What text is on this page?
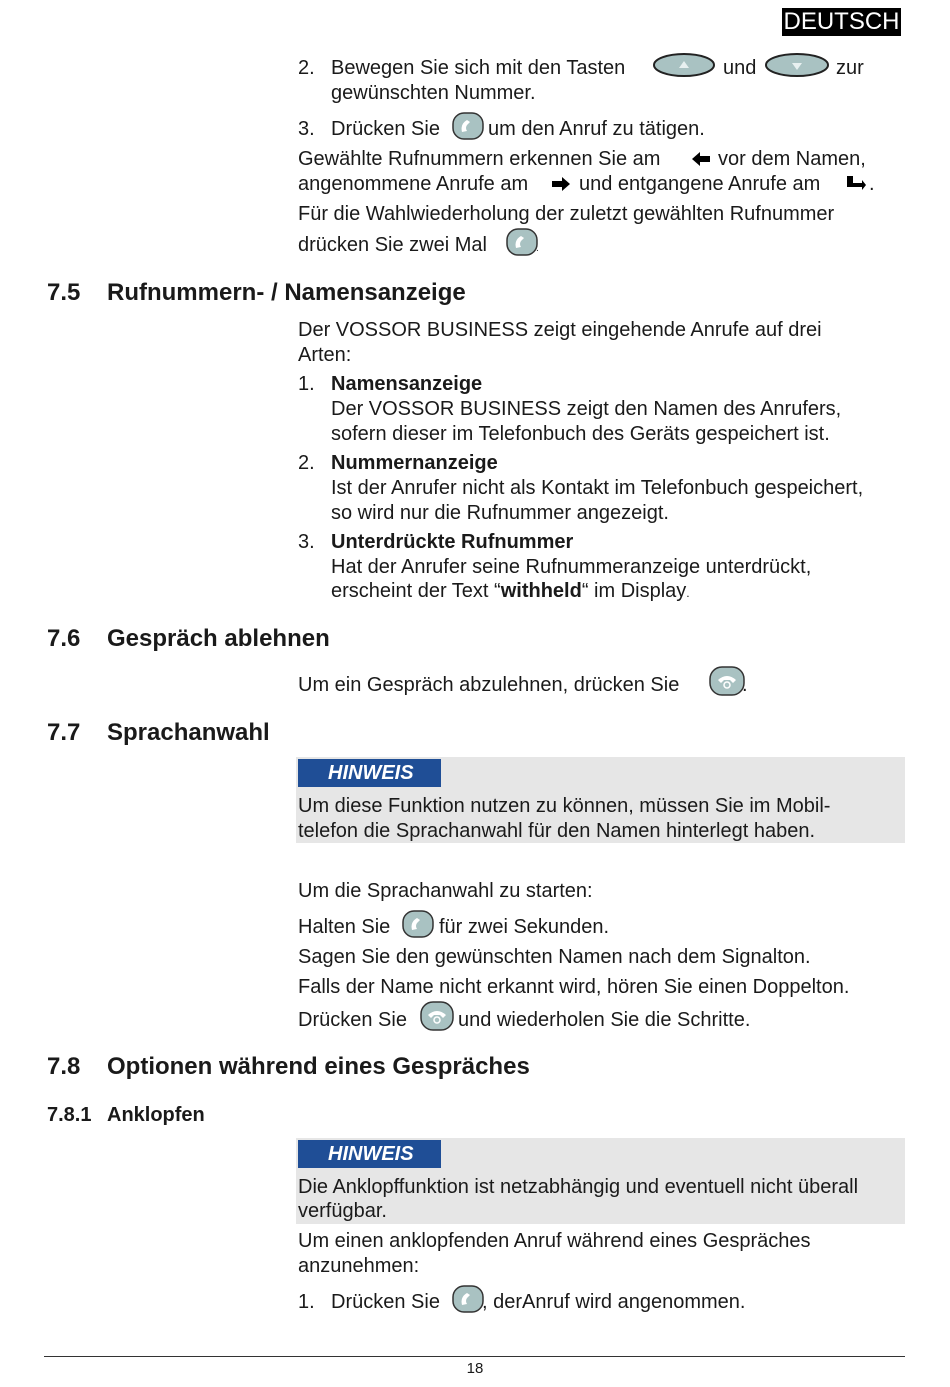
DEUTSCH
2. Bewegen Sie sich mit den Tasten	und	zur
gewünschten Nummer.
3. Drücken Sie um den Anruf zu tätigen.
Gewählte Rufnummern erkennen Sie am	vor dem Namen,
angenommene Anrufe am	und entgangene Anrufe am .
Für die Wahlwiederholung der zuletzt gewählten Rufnummer
drücken Sie zwei Mal	.
7.5 Rufnummern- / Namensanzeige
Der VOSSOR BUSINESS zeigt eingehende Anrufe auf drei
Arten:
1. Namensanzeige
Der VOSSOR BUSINESS zeigt den Namen des Anrufers,
sofern dieser im Telefonbuch des Geräts gespeichert ist.
2. Nummernanzeige
Ist der Anrufer nicht als Kontakt im Telefonbuch gespeichert,
so wird nur die Rufnummer angezeigt.
3. Unterdrückte Rufnummer
Hat der Anrufer seine Rufnummeranzeige unterdrückt,
erscheint der Text “withheld“ im Display.
7.6 Gespräch ablehnen
Um ein Gespräch abzulehnen, drücken Sie	.
7.7 Sprachanwahl
HINWEIS
Um diese Funktion nutzen zu können, müssen Sie im Mobil-
telefon die Sprachanwahl für den Namen hinterlegt haben.
Um die Sprachanwahl zu starten:
Halten Sie für zwei Sekunden.
Sagen Sie den gewünschten Namen nach dem Signalton.
Falls der Name nicht erkannt wird, hören Sie einen Doppelton.
Drücken Sie	und wiederholen Sie die Schritte.
7.8 Optionen während eines Gespräches
7.8.1 Anklopfen
HINWEIS
Die Anklopffunktion ist netzabhängig und eventuell nicht überall
verfügbar.
Um einen anklopfenden Anruf während eines Gespräches
anzunehmen:
1. Drücken Sie , derAnruf wird angenommen.
18
